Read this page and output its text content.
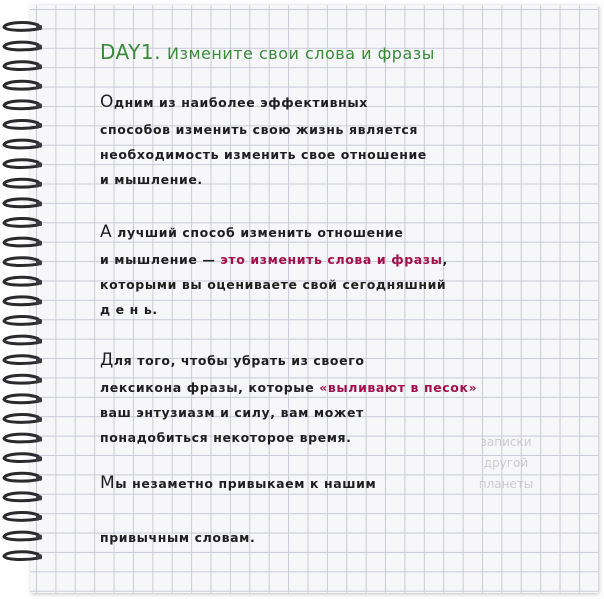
DAY1. Измените свои слова и фразы
Одним из наиболее эффективных
способов изменить свою жизнь является
необходимость изменить свое отношение
и мышление.
А лучший способ изменить отношение
и мышление — это изменить слова и фразы,
которыми вы оцениваете свой сегодняшний
д е н ь.
Для того, чтобы убрать из своего
лексикона фразы, которые «выливают в песок»
ваш энтузиазм и силу, вам может
понадобиться некоторое время.
Мы незаметно привыкаем к нашим
привычным словам.
записки
другой
планеты
